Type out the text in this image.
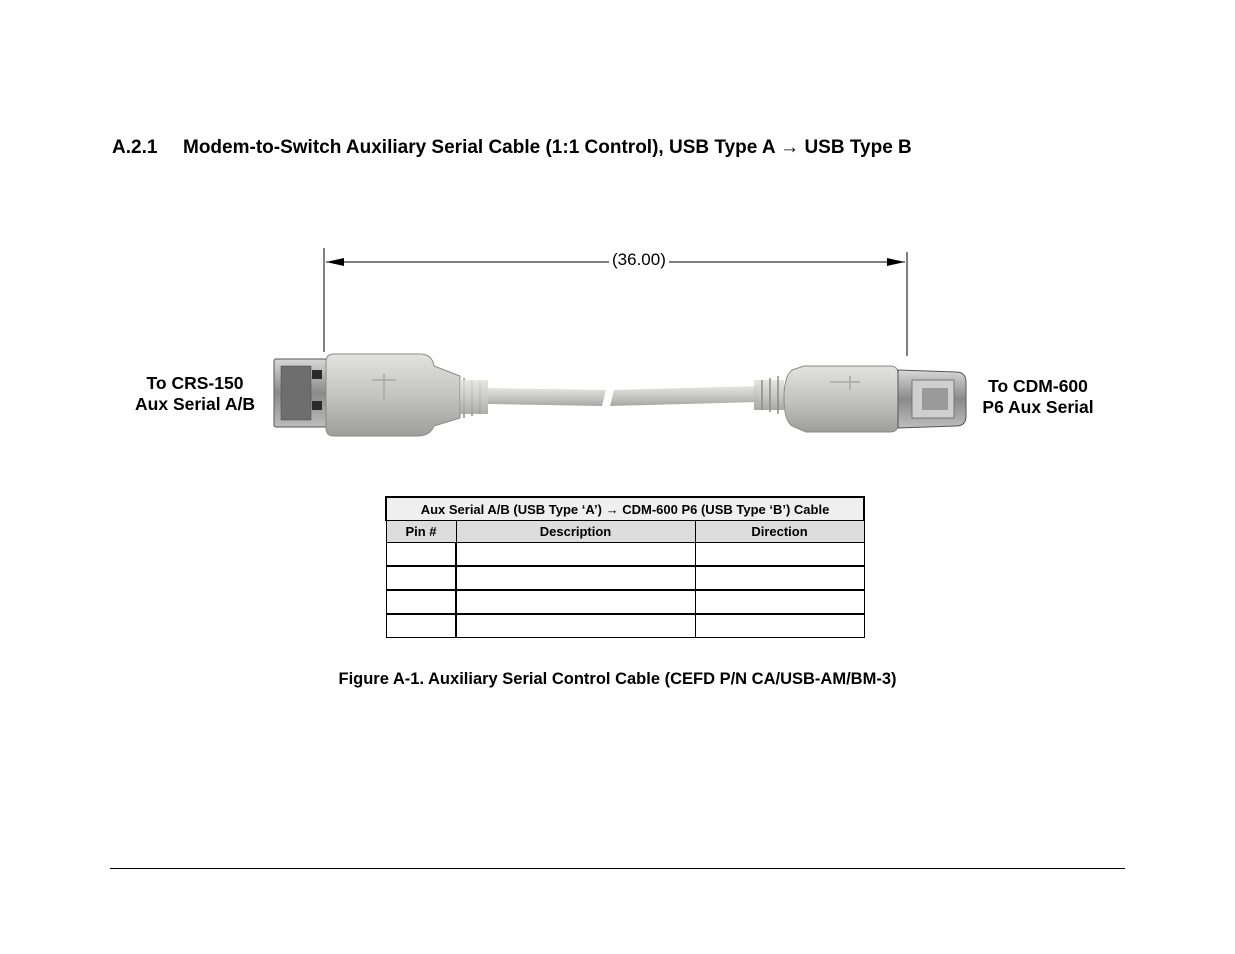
A.2.1 Modem-to-Switch Auxiliary Serial Cable (1:1 Control), USB Type A → USB Type B
(36.00)
To CRS-150
Aux Serial A/B
To CDM-600
P6 Aux Serial
Aux Serial A/B (USB Type ‘A’) → CDM-600 P6 (USB Type ‘B’) Cable		
Pin #	Description	Direction

Figure A-1. Auxiliary Serial Control Cable (CEFD P/N CA/USB-AM/BM-3)
